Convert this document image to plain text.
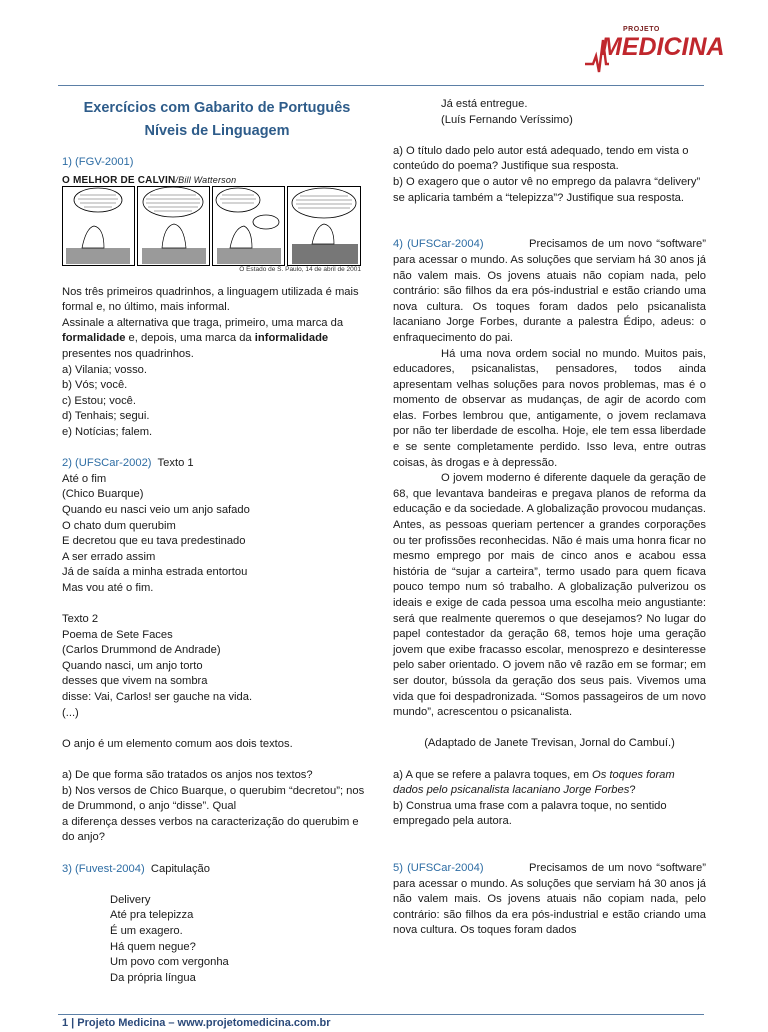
PROJETO
MEDICINA

Exercícios com Gabarito de Português

Níveis de Linguagem

1) (FGV-2001)

O MELHOR DE CALVIN/Bill Watterson
O Estado de S. Paulo, 14 de abril de 2001

Nos três primeiros quadrinhos, a linguagem utilizada é mais formal e, no último, mais informal.

Assinale a alternativa que traga, primeiro, uma marca da formalidade e, depois, uma marca da informalidade

presentes nos quadrinhos.

a) Vilania; vosso.

b) Vós; você.

c) Estou; você.

d) Tenhais; segui.

e) Notícias; falem.

2) (UFSCar-2002) Texto 1

Até o fim

(Chico Buarque)

Quando eu nasci veio um anjo safado

O chato dum querubim

E decretou que eu tava predestinado

A ser errado assim

Já de saída a minha estrada entortou

Mas vou até o fim.

Texto 2

Poema de Sete Faces

(Carlos Drummond de Andrade)

Quando nasci, um anjo torto

desses que vivem na sombra

disse: Vai, Carlos! ser gauche na vida.

(...)

O anjo é um elemento comum aos dois textos.

a) De que forma são tratados os anjos nos textos?

b) Nos versos de Chico Buarque, o querubim “decretou”; nos de Drummond, o anjo “disse”. Qual

a diferença desses verbos na caracterização do querubim e do anjo?

3) (Fuvest-2004) Capitulação

Delivery

Até pra telepizza

É um exagero.

Há quem negue?

Um povo com vergonha

Da própria língua

Já está entregue.

(Luís Fernando Veríssimo)

a) O título dado pelo autor está adequado, tendo em vista o conteúdo do poema? Justifique sua resposta.

b) O exagero que o autor vê no emprego da palavra “delivery” se aplicaria também a “telepizza”? Justifique sua resposta.

4) (UFSCar-2004)	Precisamos de um novo “software” para acessar o mundo. As soluções que serviam há 30 anos já não valem mais. Os jovens atuais não copiam nada, pelo contrário: são filhos da era pós-industrial e estão criando uma nova cultura. Os toques foram dados pelo psicanalista lacaniano Jorge Forbes, durante a palestra Édipo, adeus: o enfraquecimento do pai.

Há uma nova ordem social no mundo. Muitos pais, educadores, psicanalistas, pensadores, todos ainda apresentam velhas soluções para novos problemas, mas é o momento de observar as mudanças, de agir de acordo com elas. Forbes lembrou que, antigamente, o jovem reclamava por não ter liberdade de escolha. Hoje, ele tem essa liberdade e se sente completamente perdido. Isso leva, entre outras coisas, às drogas e à depressão.

O jovem moderno é diferente daquele da geração de 68, que levantava bandeiras e pregava planos de reforma da educação e da sociedade. A globalização provocou mudanças. Antes, as pessoas queriam pertencer a grandes corporações ou ter profissões reconhecidas. Não é mais uma honra ficar no mesmo emprego por mais de cinco anos e acabou essa história de “sujar a carteira”, termo usado para quem ficava pouco tempo num só trabalho. A globalização pulverizou os ideais e exige de cada pessoa uma escolha meio angustiante: será que realmente queremos o que desejamos? No lugar do papel contestador da geração 68, temos hoje uma geração jovem que exibe fracasso escolar, menosprezo e desinteresse pelo saber orientado. O jovem não vê razão em se formar; em ser doutor, bússola da geração dos seus pais. Vivemos uma vida que foi despadronizada. “Somos passageiros de um novo mundo”, acrescentou o psicanalista.

(Adaptado de Janete Trevisan, Jornal do Cambuí.)

a) A que se refere a palavra toques, em Os toques foram dados pelo psicanalista lacaniano Jorge Forbes?

b) Construa uma frase com a palavra toque, no sentido empregado pela autora.

5) (UFSCar-2004)	Precisamos de um novo “software” para acessar o mundo. As soluções que serviam há 30 anos já não valem mais. Os jovens atuais não copiam nada, pelo contrário: são filhos da era pós-industrial e estão criando uma nova cultura. Os toques foram dados

1 | Projeto Medicina – www.projetomedicina.com.br
